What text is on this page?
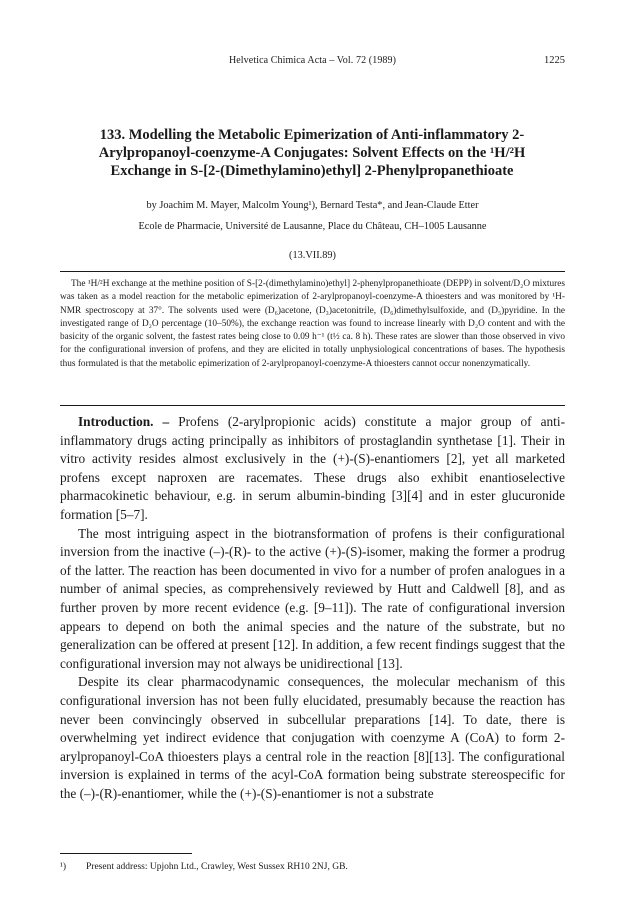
Helvetica Chimica Acta – Vol. 72 (1989)	1225
133. Modelling the Metabolic Epimerization of Anti-inflammatory 2-Arylpropanoyl-coenzyme-A Conjugates: Solvent Effects on the ¹H/²H Exchange in S-[2-(Dimethylamino)ethyl] 2-Phenylpropanethioate
by Joachim M. Mayer, Malcolm Young¹), Bernard Testa*, and Jean-Claude Etter
Ecole de Pharmacie, Université de Lausanne, Place du Château, CH–1005 Lausanne
(13.VII.89)

The ¹H/²H exchange at the methine position of S-[2-(dimethylamino)ethyl] 2-phenylpropanethioate (DEPP) in solvent/D₂O mixtures was taken as a model reaction for the metabolic epimerization of 2-arylpropanoyl-coenzyme-A thioesters and was monitored by ¹H-NMR spectroscopy at 37°. The solvents used were (D₆)acetone, (D₃)acetonitrile, (D₆)dimethylsulfoxide, and (D₅)pyridine. In the investigated range of D₂O percentage (10–50%), the exchange reaction was found to increase linearly with D₂O content and with the basicity of the organic solvent, the fastest rates being close to 0.09 h⁻¹ (t½ ca. 8 h). These rates are slower than those observed in vivo for the configurational inversion of profens, and they are elicited in totally unphysiological concentrations of bases. The hypothesis thus formulated is that the metabolic epimerization of 2-arylpropanoyl-coenzyme-A thioesters cannot occur nonenzymatically.

Introduction. – Profens (2-arylpropionic acids) constitute a major group of anti-inflammatory drugs acting principally as inhibitors of prostaglandin synthetase [1]. Their in vitro activity resides almost exclusively in the (+)-(S)-enantiomers [2], yet all marketed profens except naproxen are racemates. These drugs also exhibit enantioselective pharmacokinetic behaviour, e.g. in serum albumin-binding [3][4] and in ester glucuronide formation [5–7].

The most intriguing aspect in the biotransformation of profens is their configurational inversion from the inactive (–)-(R)- to the active (+)-(S)-isomer, making the former a prodrug of the latter. The reaction has been documented in vivo for a number of profen analogues in a number of animal species, as comprehensively reviewed by Hutt and Caldwell [8], and as further proven by more recent evidence (e.g. [9–11]). The rate of configurational inversion appears to depend on both the animal species and the nature of the substrate, but no generalization can be offered at present [12]. In addition, a few recent findings suggest that the configurational inversion may not always be unidirectional [13].

Despite its clear pharmacodynamic consequences, the molecular mechanism of this configurational inversion has not been fully elucidated, presumably because the reaction has never been convincingly observed in subcellular preparations [14]. To date, there is overwhelming yet indirect evidence that conjugation with coenzyme A (CoA) to form 2-arylpropanoyl-CoA thioesters plays a central role in the reaction [8][13]. The configurational inversion is explained in terms of the acyl-CoA formation being substrate stereospecific for the (–)-(R)-enantiomer, while the (+)-(S)-enantiomer is not a substrate

¹) Present address: Upjohn Ltd., Crawley, West Sussex RH10 2NJ, GB.
